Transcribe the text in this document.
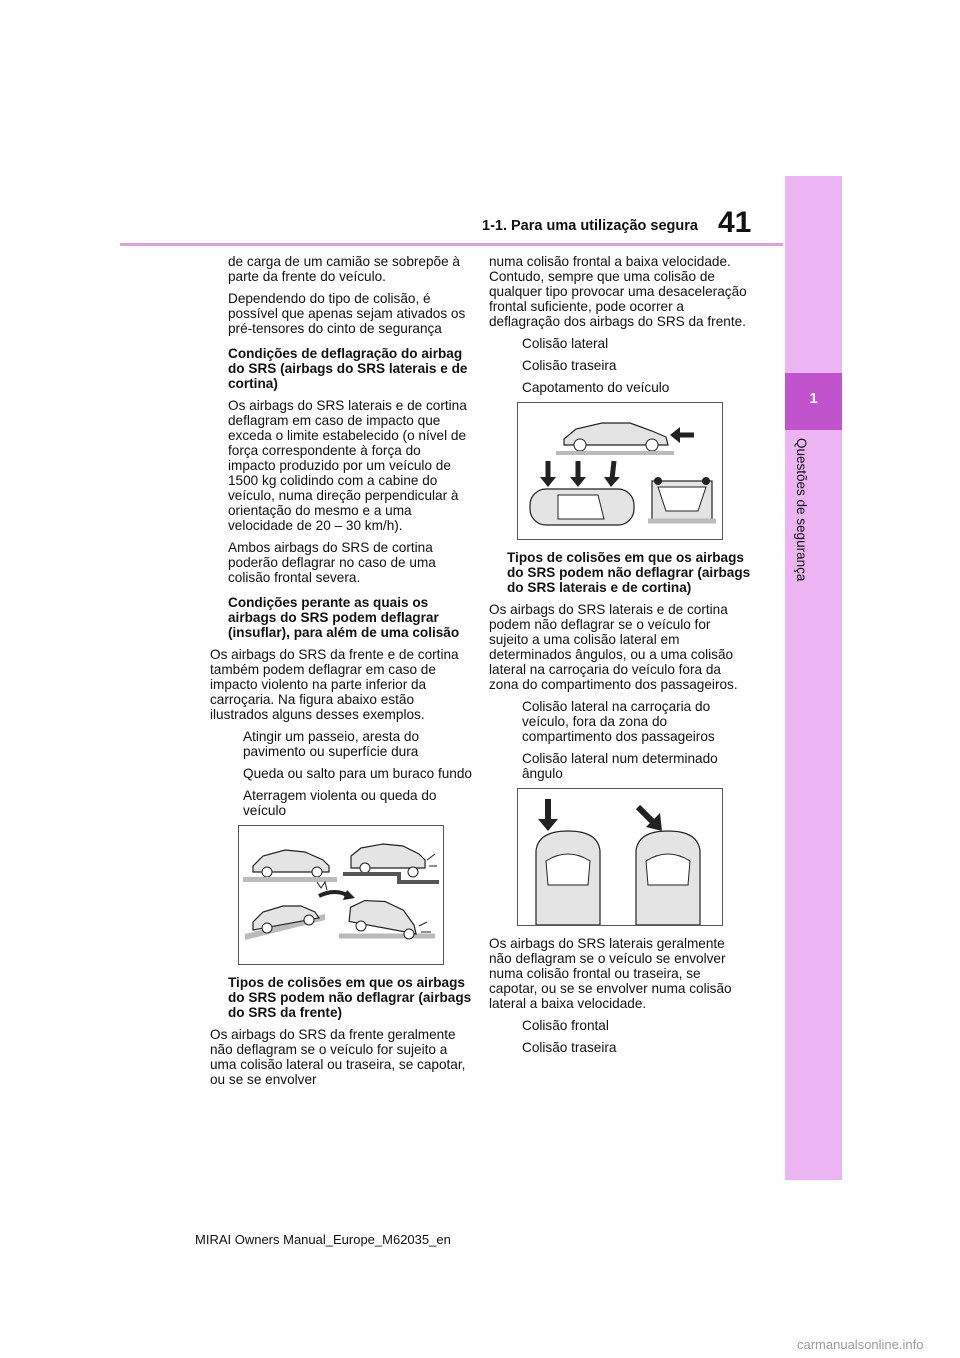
41
1-1. Para uma utilização segura
1
Questões de segurança

de carga de um camião se sobrepõe à parte da frente do veículo.

Dependendo do tipo de colisão, é possível que apenas sejam ativados os pré-tensores do cinto de segurança

Condições de deflagração do airbag do SRS (airbags do SRS laterais e de cortina)

Os airbags do SRS laterais e de cortina deflagram em caso de impacto que exceda o limite estabelecido (o nível de força correspondente à força do impacto produzido por um veículo de 1500 kg colidindo com a cabine do veículo, numa direção perpendicular à orientação do mesmo e a uma velocidade de 20 – 30 km/h).

Ambos airbags do SRS de cortina poderão deflagrar no caso de uma colisão frontal severa.

Condições perante as quais os airbags do SRS podem deflagrar (insuflar), para além de uma colisão

Os airbags do SRS da frente e de cortina também podem deflagrar em caso de impacto violento na parte inferior da carroçaria. Na figura abaixo estão ilustrados alguns desses exemplos.

Atingir um passeio, aresta do pavimento ou superfície dura

Queda ou salto para um buraco fundo

Aterragem violenta ou queda do veículo

Tipos de colisões em que os airbags do SRS podem não deflagrar (airbags do SRS da frente)

Os airbags do SRS da frente geralmente não deflagram se o veículo for sujeito a uma colisão lateral ou traseira, se capotar, ou se se envolver

numa colisão frontal a baixa velocidade. Contudo, sempre que uma colisão de qualquer tipo provocar uma desaceleração frontal suficiente, pode ocorrer a deflagração dos airbags do SRS da frente.

Colisão lateral

Colisão traseira

Capotamento do veículo

Tipos de colisões em que os airbags do SRS podem não deflagrar (airbags do SRS laterais e de cortina)

Os airbags do SRS laterais e de cortina podem não deflagrar se o veículo for sujeito a uma colisão lateral em determinados ângulos, ou a uma colisão lateral na carroçaria do veículo fora da zona do compartimento dos passageiros.

Colisão lateral na carroçaria do veículo, fora da zona do compartimento dos passageiros

Colisão lateral num determinado ângulo

Os airbags do SRS laterais geralmente não deflagram se o veículo se envolver numa colisão frontal ou traseira, se capotar, ou se se envolver numa colisão lateral a baixa velocidade.

Colisão frontal

Colisão traseira

MIRAI Owners Manual_Europe_M62035_en
carmanualsonline.info
